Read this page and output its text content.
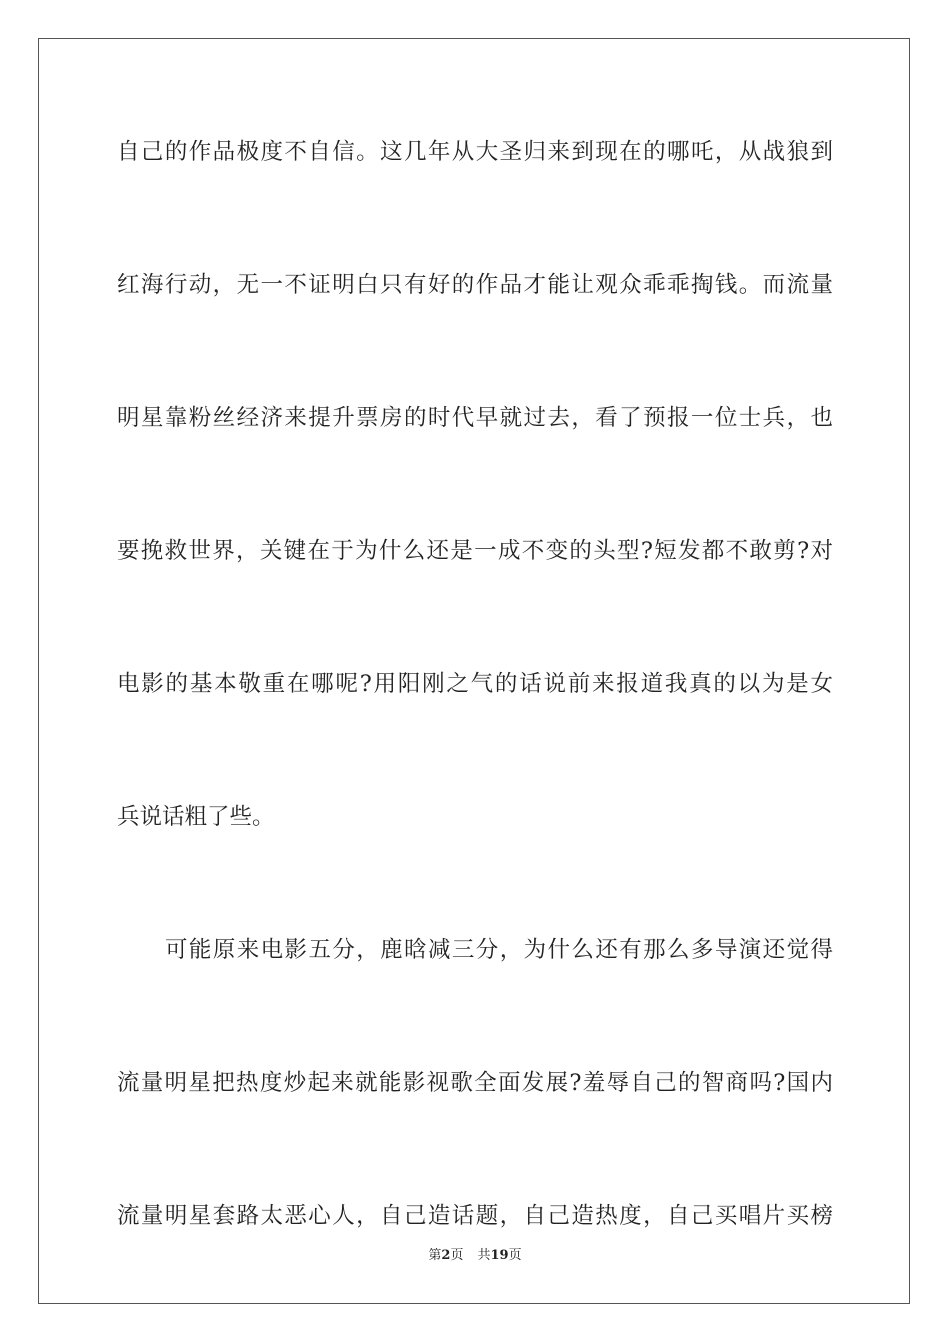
自己的作品极度不自信。这几年从大圣归来到现在的哪吒，从战狼到
红海行动，无一不证明白只有好的作品才能让观众乖乖掏钱。而流量
明星靠粉丝经济来提升票房的时代早就过去，看了预报一位士兵，也
要挽救世界，关键在于为什么还是一成不变的头型?短发都不敢剪?对
电影的基本敬重在哪呢?用阳刚之气的话说前来报道我真的以为是女
兵说话粗了些。
可能原来电影五分，鹿晗减三分，为什么还有那么多导演还觉得
流量明星把热度炒起来就能影视歌全面发展?羞辱自己的智商吗?国内
流量明星套路太恶心人，自己造话题，自己造热度，自己买唱片买榜
第2页 共19页
